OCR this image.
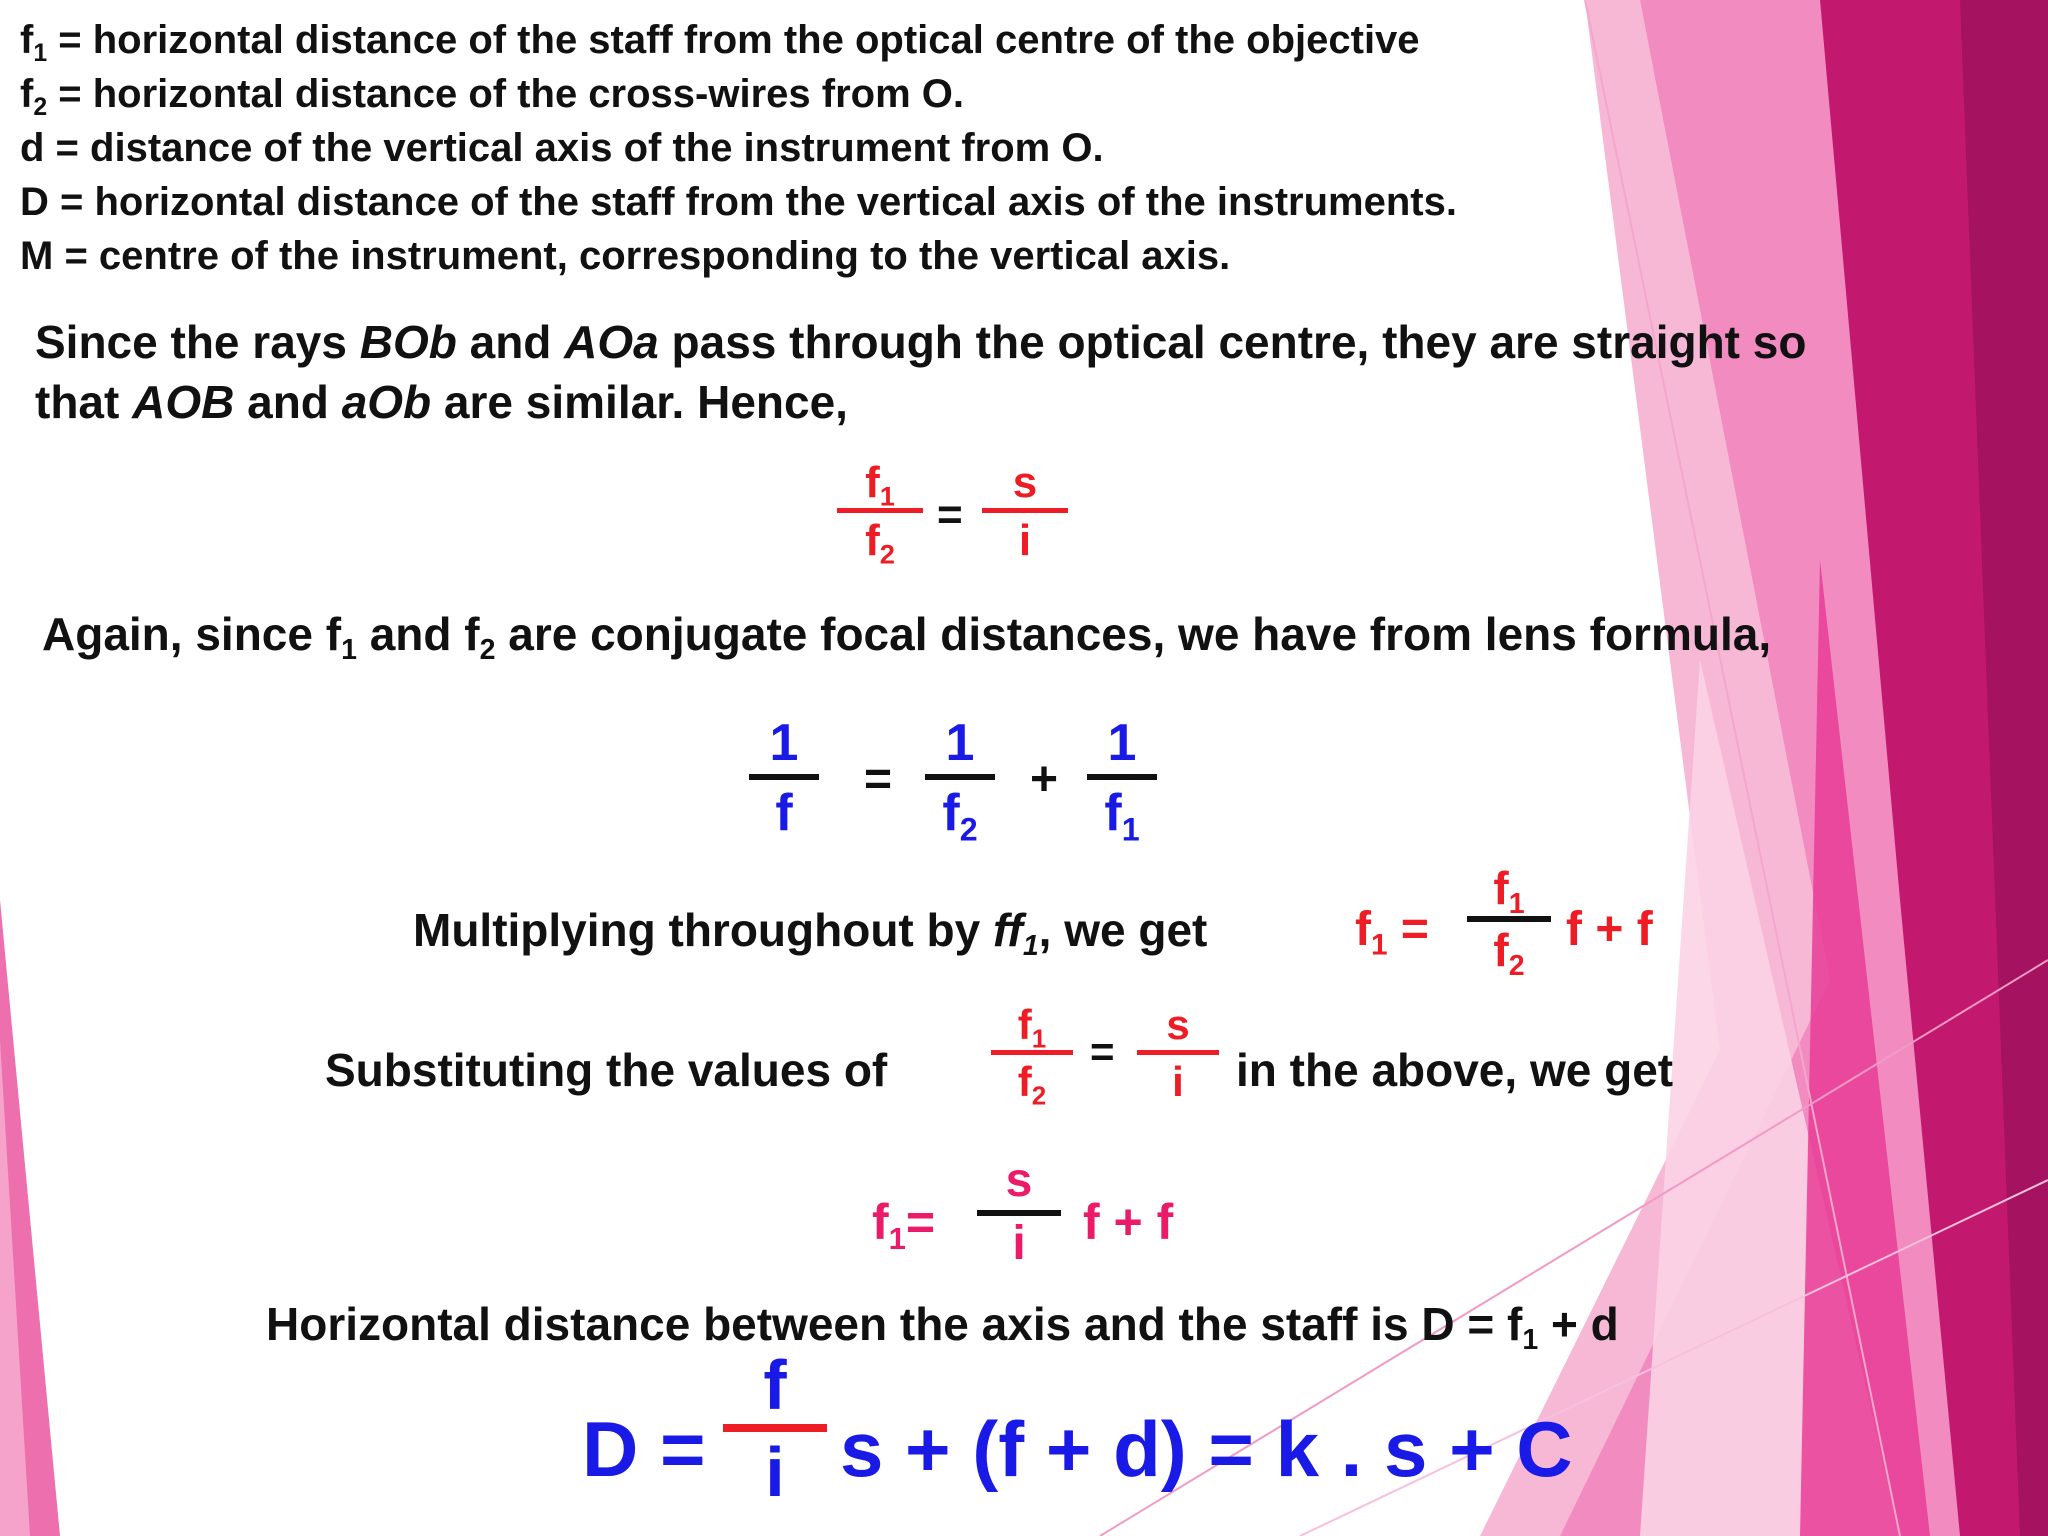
$f_1$ = horizontal distance of the staff from the optical centre of the objective
$f_2$ = horizontal distance of the cross-wires from O.
d = distance of the vertical axis of the instrument from O.
D = horizontal distance of the staff from the vertical axis of the instruments.
M = centre of the instrument, corresponding to the vertical axis.
Since the rays BOb and AOa pass through the optical centre, they are straight so
that AOB and aOb are similar. Hence,
$f_1$
$f_2$
=
s
i
Again, since $f_1$ and $f_2$ are conjugate focal distances, we have from lens formula,
1
f
=
1
$f_2$
+
1
$f_1$
Multiplying throughout by $ff_1$, we get	$f_1$ =
$f_1$
$f_2$
f + f
Substituting the values of
$f_1$
$f_2$
=
s
i	in the above, we get
$f_1=$
s
i	f + f
Horizontal distance between the axis and the staff is $D = f_1 + d$
D =
f
i s + (f + d) = k . s + C
